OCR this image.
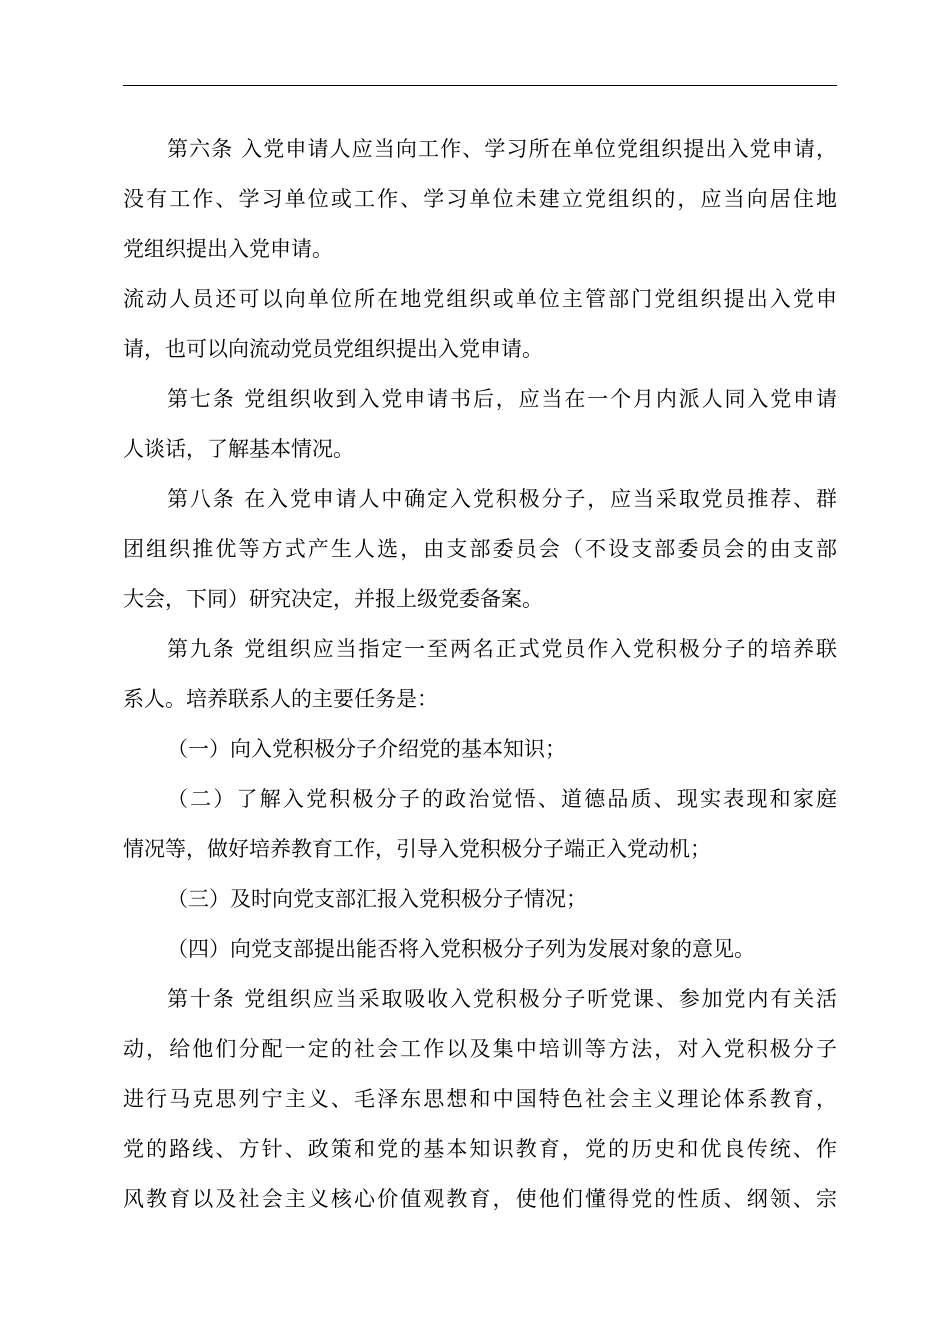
第六条 入党申请人应当向工作、学习所在单位党组织提出入党申请，
没有工作、学习单位或工作、学习单位未建立党组织的，应当向居住地
党组织提出入党申请。
流动人员还可以向单位所在地党组织或单位主管部门党组织提出入党申
请，也可以向流动党员党组织提出入党申请。
第七条 党组织收到入党申请书后，应当在一个月内派人同入党申请
人谈话，了解基本情况。
第八条 在入党申请人中确定入党积极分子，应当采取党员推荐、群
团组织推优等方式产生人选，由支部委员会（不设支部委员会的由支部
大会，下同）研究决定，并报上级党委备案。
第九条 党组织应当指定一至两名正式党员作入党积极分子的培养联
系人。培养联系人的主要任务是：
（一）向入党积极分子介绍党的基本知识；
（二）了解入党积极分子的政治觉悟、道德品质、现实表现和家庭
情况等，做好培养教育工作，引导入党积极分子端正入党动机；
（三）及时向党支部汇报入党积极分子情况；
（四）向党支部提出能否将入党积极分子列为发展对象的意见。
第十条 党组织应当采取吸收入党积极分子听党课、参加党内有关活
动，给他们分配一定的社会工作以及集中培训等方法，对入党积极分子
进行马克思列宁主义、毛泽东思想和中国特色社会主义理论体系教育，
党的路线、方针、政策和党的基本知识教育，党的历史和优良传统、作
风教育以及社会主义核心价值观教育，使他们懂得党的性质、纲领、宗
